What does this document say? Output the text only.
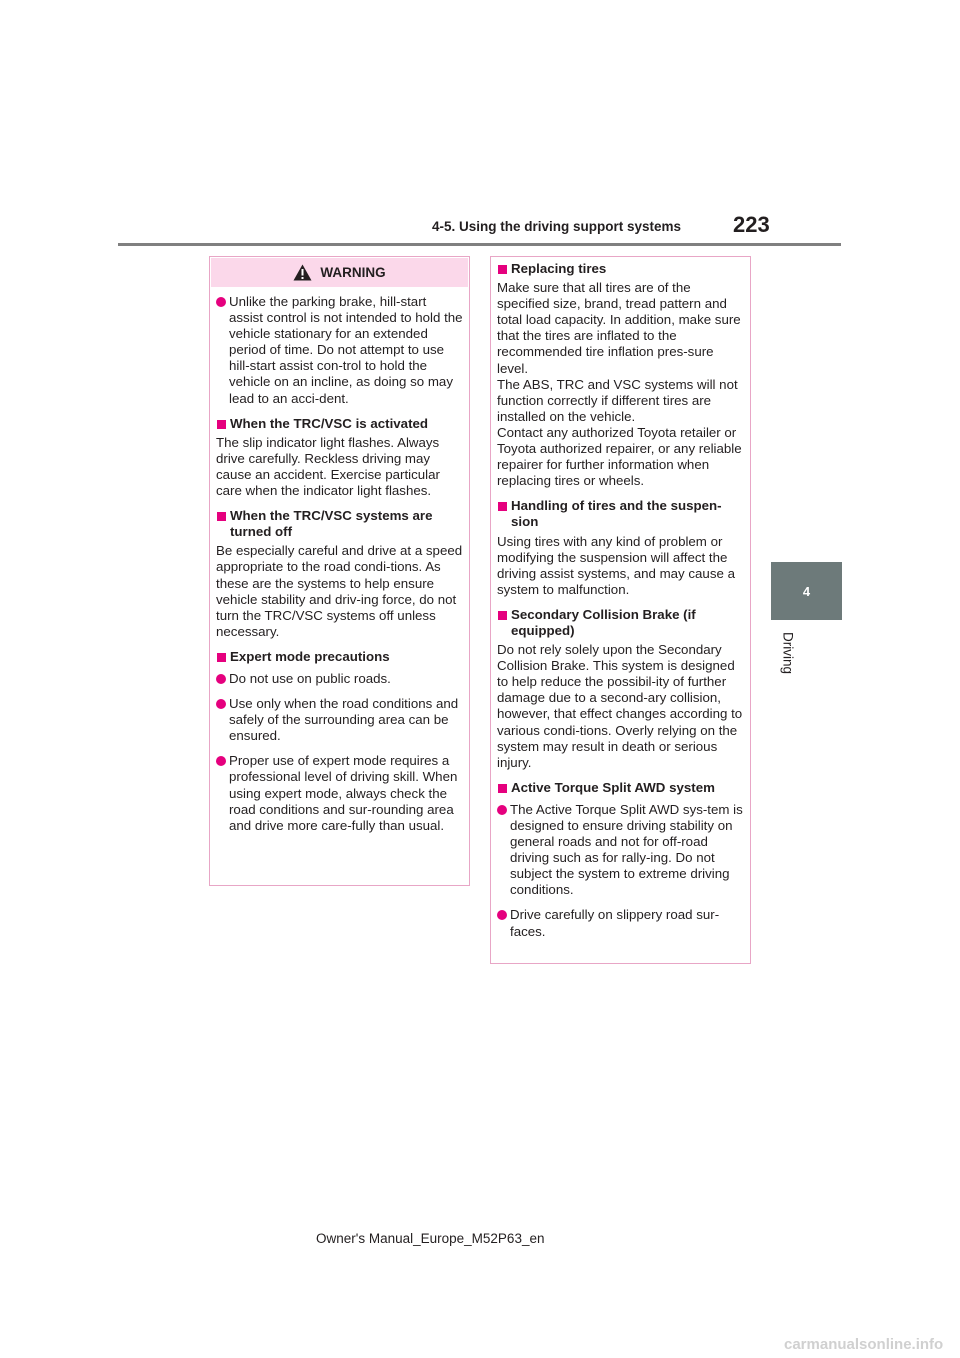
4-5. Using the driving support systems 223
4
Driving
WARNING
Unlike the parking brake, hill-start assist control is not intended to hold the vehicle stationary for an extended period of time. Do not attempt to use hill-start assist con-trol to hold the vehicle on an incline, as doing so may lead to an acci-dent.
When the TRC/VSC is activated

The slip indicator light flashes. Always drive carefully. Reckless driving may cause an accident. Exercise particular care when the indicator light flashes.

When the TRC/VSC systems are turned off

Be especially careful and drive at a speed appropriate to the road condi-tions. As these are the systems to help ensure vehicle stability and driv-ing force, do not turn the TRC/VSC systems off unless necessary.

Expert mode precautions
Do not use on public roads.
Use only when the road conditions and safely of the surrounding area can be ensured.
Proper use of expert mode requires a professional level of driving skill. When using expert mode, always check the road conditions and sur-rounding area and drive more care-fully than usual.
Replacing tires

Make sure that all tires are of the specified size, brand, tread pattern and total load capacity. In addition, make sure that the tires are inflated to the recommended tire inflation pres-sure level.
The ABS, TRC and VSC systems will not function correctly if different tires are installed on the vehicle.
Contact any authorized Toyota retailer or Toyota authorized repairer, or any reliable repairer for further information when replacing tires or wheels.

Handling of tires and the suspen-sion

Using tires with any kind of problem or modifying the suspension will affect the driving assist systems, and may cause a system to malfunction.

Secondary Collision Brake (if equipped)

Do not rely solely upon the Secondary Collision Brake. This system is designed to help reduce the possibil-ity of further damage due to a second-ary collision, however, that effect changes according to various condi-tions. Overly relying on the system may result in death or serious injury.

Active Torque Split AWD system
The Active Torque Split AWD sys-tem is designed to ensure driving stability on general roads and not for off-road driving such as for rally-ing. Do not subject the system to extreme driving conditions.
Drive carefully on slippery road sur-faces.
Owner's Manual_Europe_M52P63_en
carmanualsonline.info
